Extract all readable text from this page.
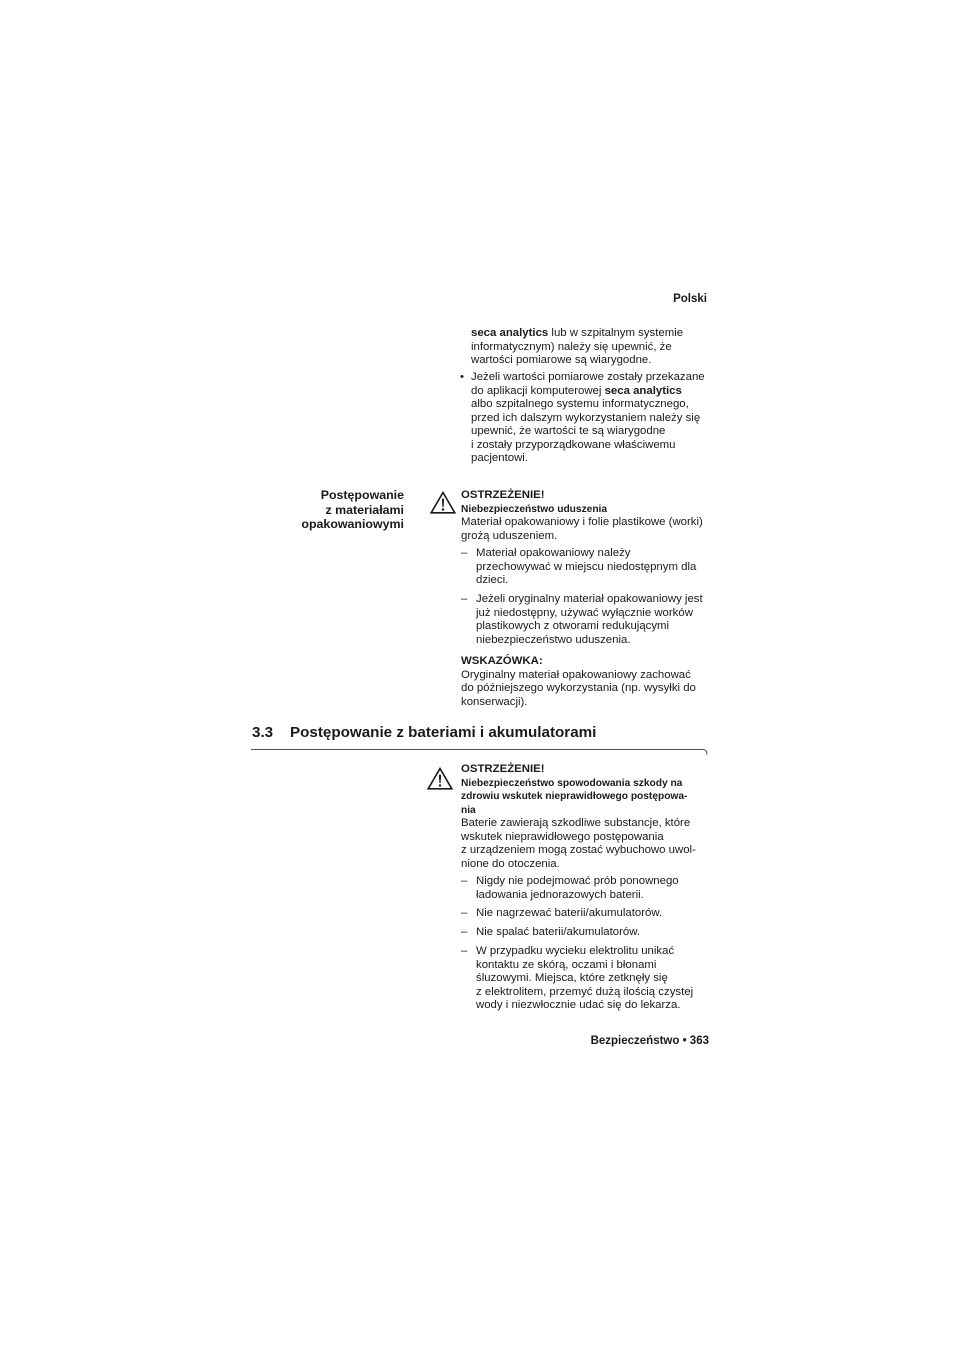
Polski
seca analytics lub w szpitalnym systemie
informatycznym) należy się upewnić, że
wartości pomiarowe są wiarygodne.
• Jeżeli wartości pomiarowe zostały przekazane
do aplikacji komputerowej seca analytics
albo szpitalnego systemu informatycznego,
przed ich dalszym wykorzystaniem należy się
upewnić, że wartości te są wiarygodne
i zostały przyporządkowane właściwemu
pacjentowi.
Postępowanie
z materiałami
opakowaniowymi
OSTRZEŻENIE!
Niebezpieczeństwo uduszenia
Materiał opakowaniowy i folie plastikowe (worki)
grożą uduszeniem.
– Materiał opakowaniowy należy
przechowywać w miejscu niedostępnym dla
dzieci.
– Jeżeli oryginalny materiał opakowaniowy jest
już niedostępny, używać wyłącznie worków
plastikowych z otworami redukującymi
niebezpieczeństwo uduszenia.
WSKAZÓWKA:
Oryginalny materiał opakowaniowy zachować
do późniejszego wykorzystania (np. wysyłki do
konserwacji).
3.3 Postępowanie z bateriami i akumulatorami
OSTRZEŻENIE!
Niebezpieczeństwo spowodowania szkody na
zdrowiu wskutek nieprawidłowego postępowa-
nia
Baterie zawierają szkodliwe substancje, które
wskutek nieprawidłowego postępowania
z urządzeniem mogą zostać wybuchowo uwol-
nione do otoczenia.
– Nigdy nie podejmować prób ponownego
ładowania jednorazowych baterii.
– Nie nagrzewać baterii/akumulatorów.
– Nie spalać baterii/akumulatorów.
– W przypadku wycieku elektrolitu unikać
kontaktu ze skórą, oczami i błonami
śluzowymi. Miejsca, które zetknęły się
z elektrolitem, przemyć dużą ilością czystej
wody i niezwłocznie udać się do lekarza.
Bezpieczeństwo • 363
